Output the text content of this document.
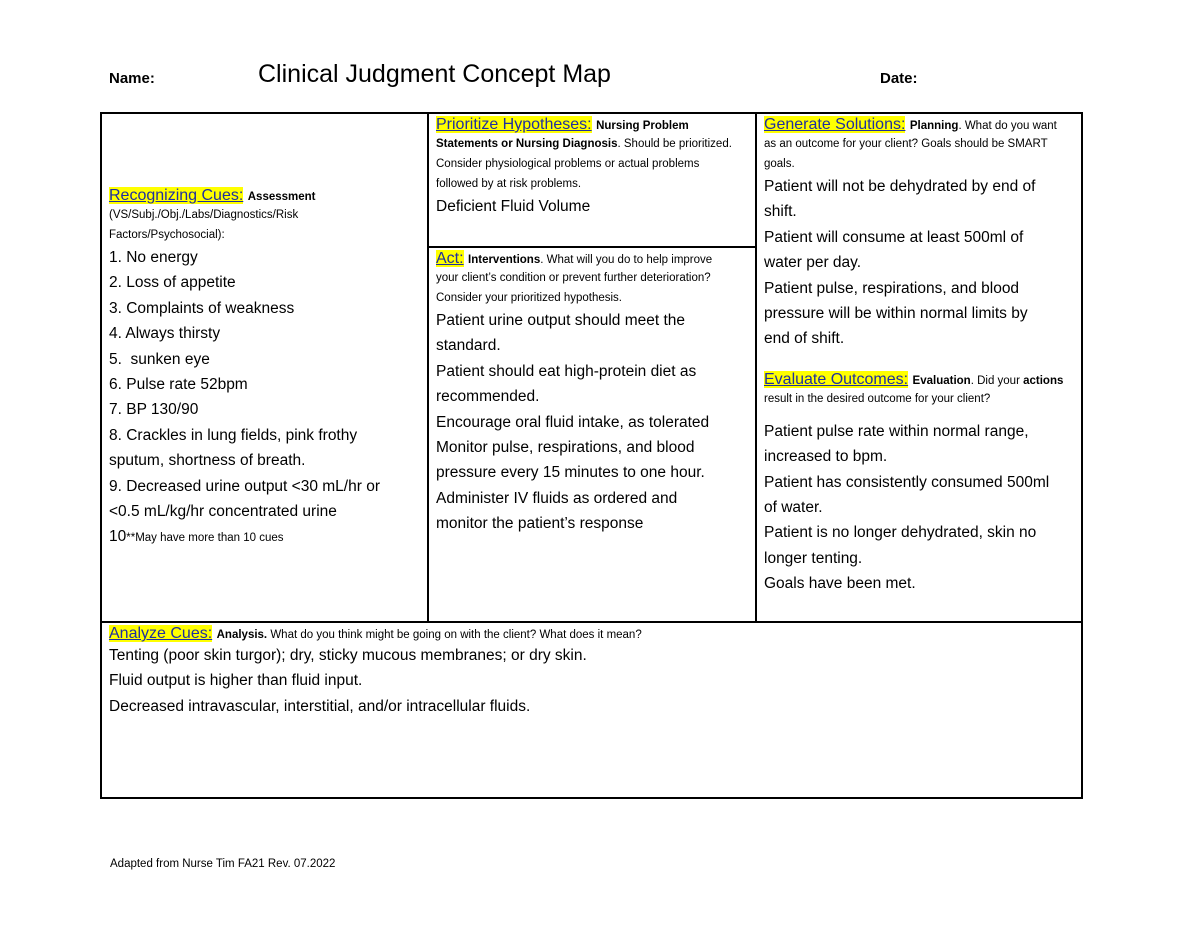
Name:	Clinical Judgment Concept Map	Date:
Recognizing Cues: Assessment
(VS/Subj./Obj./Labs/Diagnostics/Risk
Factors/Psychosocial):
1. No energy
2. Loss of appetite
3. Complaints of weakness
4. Always thirsty
5.  sunken eye
6. Pulse rate 52bpm
7. BP 130/90
8. Crackles in lung fields, pink frothy
sputum, shortness of breath.
9. Decreased urine output <30 mL/hr or
<0.5 mL/kg/hr concentrated urine
10**May have more than 10 cues
Prioritize Hypotheses: Nursing Problem
Statements or Nursing Diagnosis. Should be prioritized.
Consider physiological problems or actual problems
followed by at risk problems.
Deficient Fluid Volume
Act: Interventions. What will you do to help improve
your client’s condition or prevent further deterioration?
Consider your prioritized hypothesis.
Patient urine output should meet the
standard.
Patient should eat high-protein diet as
recommended.
Encourage oral fluid intake, as tolerated
Monitor pulse, respirations, and blood
pressure every 15 minutes to one hour.
Administer IV fluids as ordered and
monitor the patient’s response
Generate Solutions: Planning. What do you want
as an outcome for your client? Goals should be SMART
goals.
Patient will not be dehydrated by end of
shift.
Patient will consume at least 500ml of
water per day.
Patient pulse, respirations, and blood
pressure will be within normal limits by
end of shift.
Evaluate Outcomes: Evaluation. Did your actions
result in the desired outcome for your client?
Patient pulse rate within normal range,
increased to bpm.
Patient has consistently consumed 500ml
of water.
Patient is no longer dehydrated, skin no
longer tenting.
Goals have been met.
Analyze Cues: Analysis. What do you think might be going on with the client? What does it mean?
Tenting (poor skin turgor); dry, sticky mucous membranes; or dry skin.
Fluid output is higher than fluid input.
Decreased intravascular, interstitial, and/or intracellular fluids.
Adapted from Nurse Tim FA21 Rev. 07.2022
